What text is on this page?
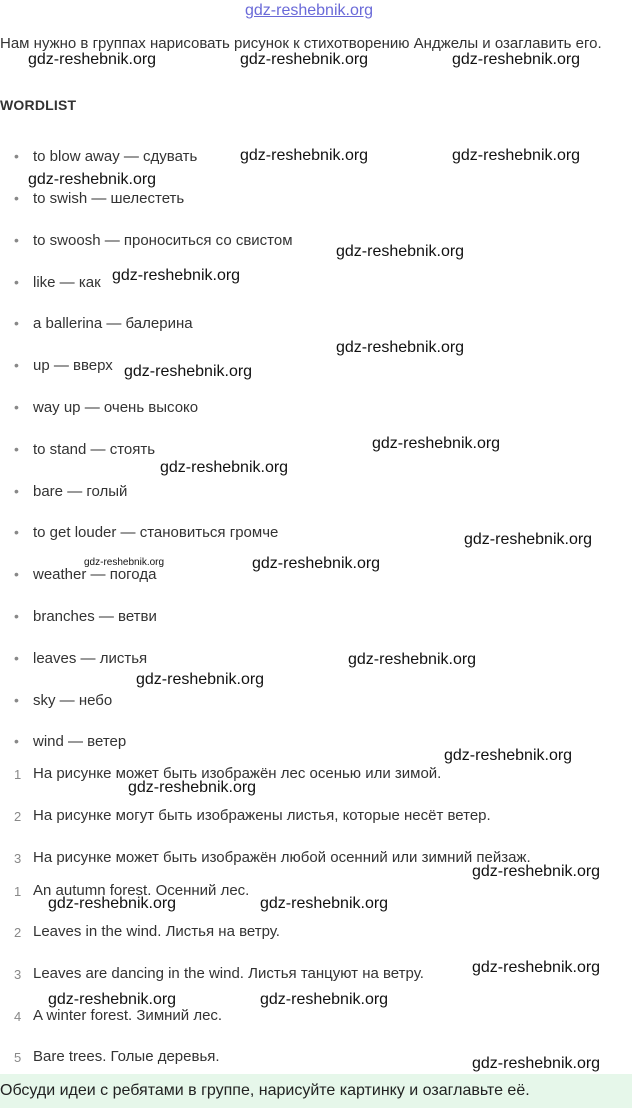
gdz-reshebnik.org
Нам нужно в группах нарисовать рисунок к стихотворению Анджелы и озаглавить его.
WORDLIST
• to blow away — сдувать
• to swish — шелестеть
• to swoosh — проноситься со свистом
• like — как
• a ballerina — балерина
• up — вверх
• way up — очень высоко
• to stand — стоять
• bare — голый
• to get louder — становиться громче
• weather — погода
• branches — ветви
• leaves — листья
• sky — небо
• wind — ветер
1 На рисунке может быть изображён лес осенью или зимой.
2 На рисунке могут быть изображены листья, которые несёт ветер.
3 На рисунке может быть изображён любой осенний или зимний пейзаж.
1 An autumn forest. Осенний лес.
2 Leaves in the wind. Листья на ветру.
3 Leaves are dancing in the wind. Листья танцуют на ветру.
4 A winter forest. Зимний лес.
5 Bare trees. Голые деревья.
Обсуди идеи с ребятами в группе, нарисуйте картинку и озаглавьте её.
gdz-reshebnik.org	gdz-reshebnik.org	gdz-reshebnik.org
gdz-reshebnik.org	gdz-reshebnik.org
gdz-reshebnik.org
gdz-reshebnik.org
gdz-reshebnik.org
gdz-reshebnik.org
gdz-reshebnik.org
gdz-reshebnik.org
gdz-reshebnik.org
gdz-reshebnik.org
gdz-reshebnik.org	gdz-reshebnik.org
gdz-reshebnik.org
gdz-reshebnik.org
gdz-reshebnik.org
gdz-reshebnik.org
gdz-reshebnik.org
gdz-reshebnik.org	gdz-reshebnik.org
gdz-reshebnik.org
gdz-reshebnik.org	gdz-reshebnik.org
gdz-reshebnik.org
